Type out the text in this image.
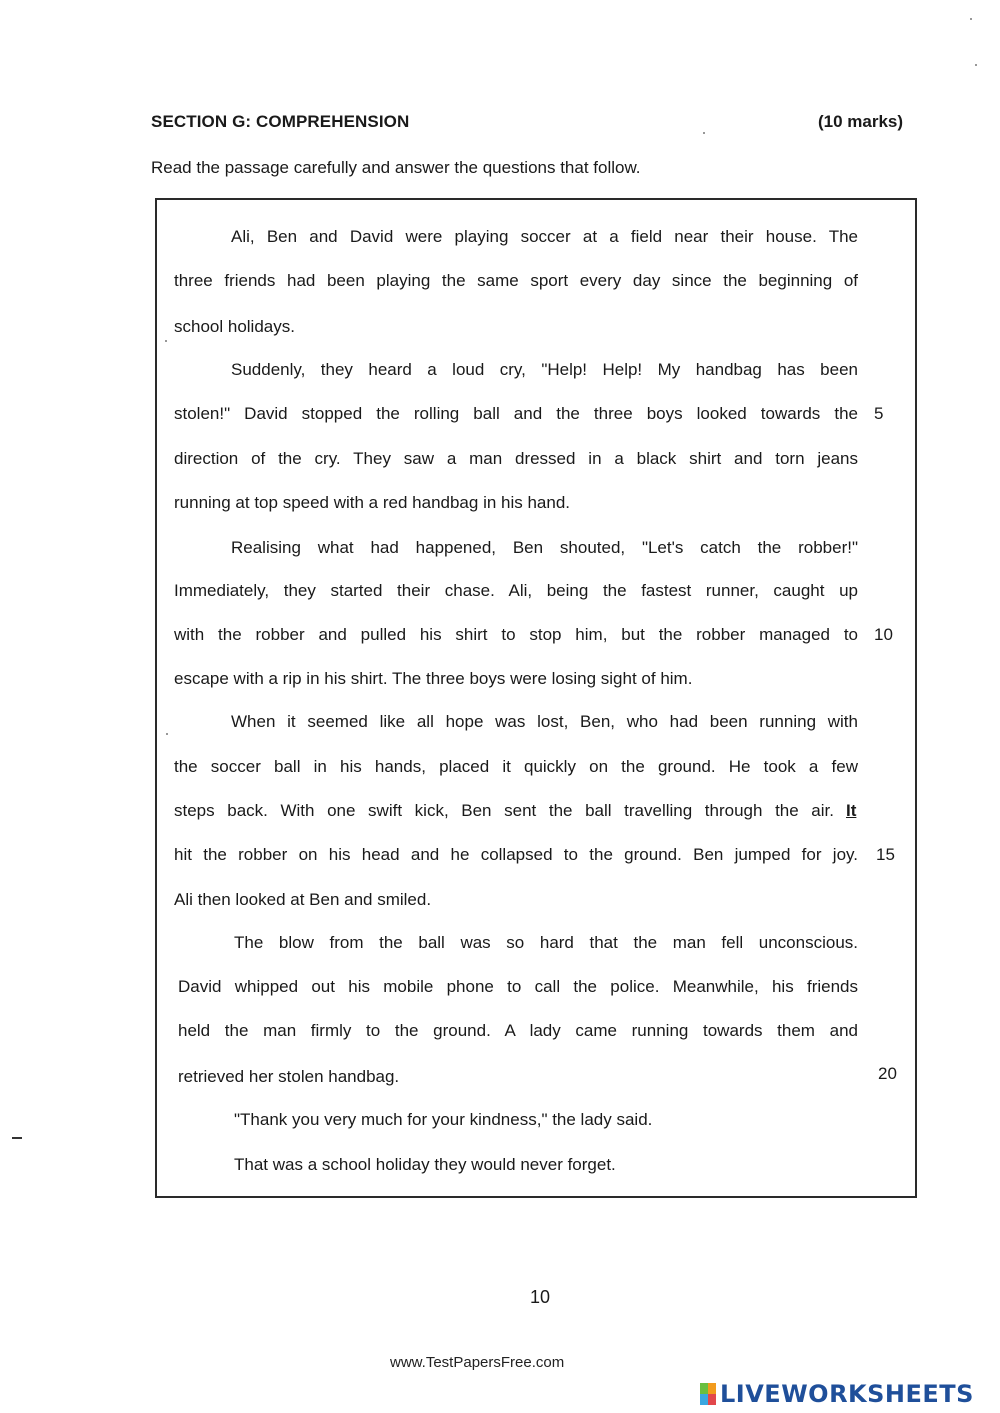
SECTION G: COMPREHENSION	(10 marks)
Read the passage carefully and answer the questions that follow.
Ali, Ben and David were playing soccer at a field near their house. The
three friends had been playing the same sport every day since the beginning of
school holidays.
Suddenly, they heard a loud cry, "Help! Help! My handbag has been
stolen!" David stopped the rolling ball and the three boys looked towards the 5
direction of the cry. They saw a man dressed in a black shirt and torn jeans
running at top speed with a red handbag in his hand.
Realising what had happened, Ben shouted, "Let's catch the robber!"
Immediately, they started their chase. Ali, being the fastest runner, caught up
with the robber and pulled his shirt to stop him, but the robber managed to 10
escape with a rip in his shirt. The three boys were losing sight of him.
When it seemed like all hope was lost, Ben, who had been running with
the soccer ball in his hands, placed it quickly on the ground. He took a few
steps back. With one swift kick, Ben sent the ball travelling through the air. It
hit the robber on his head and he collapsed to the ground. Ben jumped for joy. 15
Ali then looked at Ben and smiled.
The blow from the ball was so hard that the man fell unconscious.
David whipped out his mobile phone to call the police. Meanwhile, his friends
held the man firmly to the ground. A lady came running towards them and
retrieved her stolen handbag.	20
"Thank you very much for your kindness," the lady said.
That was a school holiday they would never forget.
10
www.TestPapersFree.com
LIVEWORKSHEETS
